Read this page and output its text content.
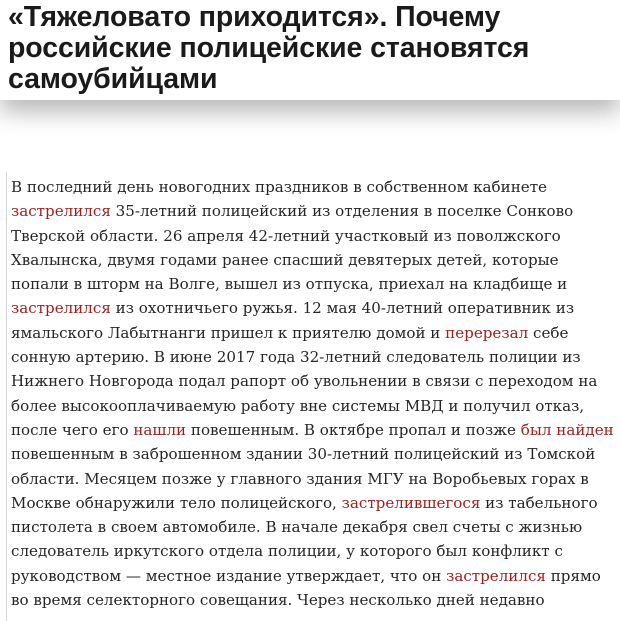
«Тяжеловато приходится». Почему
российские полицейские становятся
самоубийцами

В последний день новогодних праздников в собственном кабинете
застрелился 35-летний полицейский из отделения в поселке Сонково
Тверской области. 26 апреля 42-летний участковый из поволжского
Хвалынска, двумя годами ранее спасший девятерых детей, которые
попали в шторм на Волге, вышел из отпуска, приехал на кладбище и
застрелился из охотничьего ружья. 12 мая 40-летний оперативник из
ямальского Лабытнанги пришел к приятелю домой и перерезал себе
сонную артерию. В июне 2017 года 32-летний следователь полиции из
Нижнего Новгорода подал рапорт об увольнении в связи с переходом на
более высокооплачиваемую работу вне системы МВД и получил отказ,
после чего его нашли повешенным. В октябре пропал и позже был найден
повешенным в заброшенном здании 30-летний полицейский из Томской
области. Месяцем позже у главного здания МГУ на Воробьевых горах в
Москве обнаружили тело полицейского, застрелившегося из табельного
пистолета в своем автомобиле. В начале декабря свел счеты с жизнью
следователь иркутского отдела полиции, у которого был конфликт с
руководством — местное издание утверждает, что он застрелился прямо
во время селекторного совещания. Через несколько дней недавно
